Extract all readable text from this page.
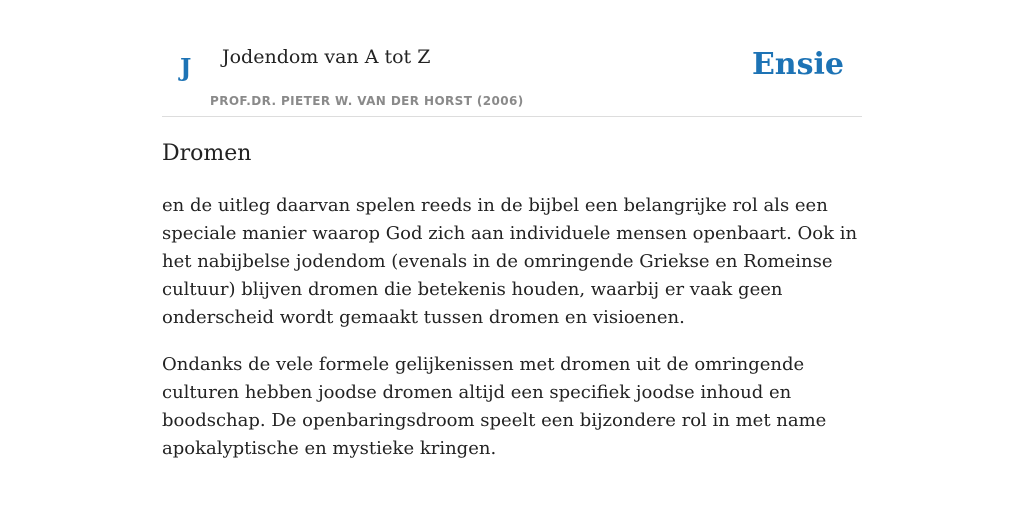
J Jodendom van A tot Z
PROF.DR. PIETER W. VAN DER HORST (2006)
Ensie
Dromen

en de uitleg daarvan spelen reeds in de bijbel een belangrijke rol als een speciale manier waarop God zich aan individuele mensen openbaart. Ook in het nabijbelse jodendom (evenals in de omringende Griekse en Romeinse cultuur) blijven dromen die betekenis houden, waarbij er vaak geen onderscheid wordt gemaakt tussen dromen en visioenen.

Ondanks de vele formele gelijkenissen met dromen uit de omringende culturen hebben joodse dromen altijd een specifiek joodse inhoud en boodschap. De openbaringsdroom speelt een bijzondere rol in met name apokalyptische en mystieke kringen.
